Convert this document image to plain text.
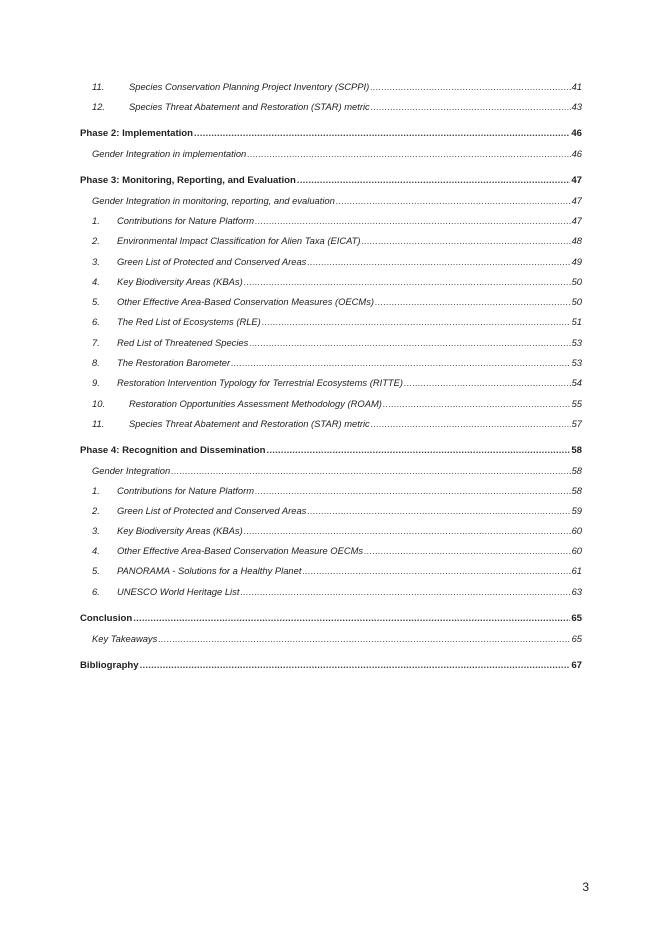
11.	Species Conservation Planning Project Inventory (SCPPI) .....	41
12.	Species Threat Abatement and Restoration (STAR) metric .....	43
Phase 2: Implementation .....	46
Gender Integration in implementation .....	46
Phase 3: Monitoring, Reporting, and Evaluation .....	47
Gender Integration in monitoring, reporting, and evaluation .....	47
1.	Contributions for Nature Platform .....	47
2.	Environmental Impact Classification for Alien Taxa (EICAT) .....	48
3.	Green List of Protected and Conserved Areas .....	49
4.	Key Biodiversity Areas (KBAs) .....	50
5.	Other Effective Area-Based Conservation Measures (OECMs) .....	50
6.	The Red List of Ecosystems (RLE) .....	51
7.	Red List of Threatened Species .....	53
8.	The Restoration Barometer .....	53
9.	Restoration Intervention Typology for Terrestrial Ecosystems (RITTE) .....	54
10.	Restoration Opportunities Assessment Methodology (ROAM) .....	55
11.	Species Threat Abatement and Restoration (STAR) metric .....	57
Phase 4: Recognition and Dissemination .....	58
Gender Integration .....	58
1.	Contributions for Nature Platform .....	58
2.	Green List of Protected and Conserved Areas .....	59
3.	Key Biodiversity Areas (KBAs) .....	60
4.	Other Effective Area-Based Conservation Measure OECMs .....	60
5.	PANORAMA - Solutions for a Healthy Planet .....	61
6.	UNESCO World Heritage List .....	63
Conclusion .....	65
Key Takeaways .....	65
Bibliography .....	67
3
